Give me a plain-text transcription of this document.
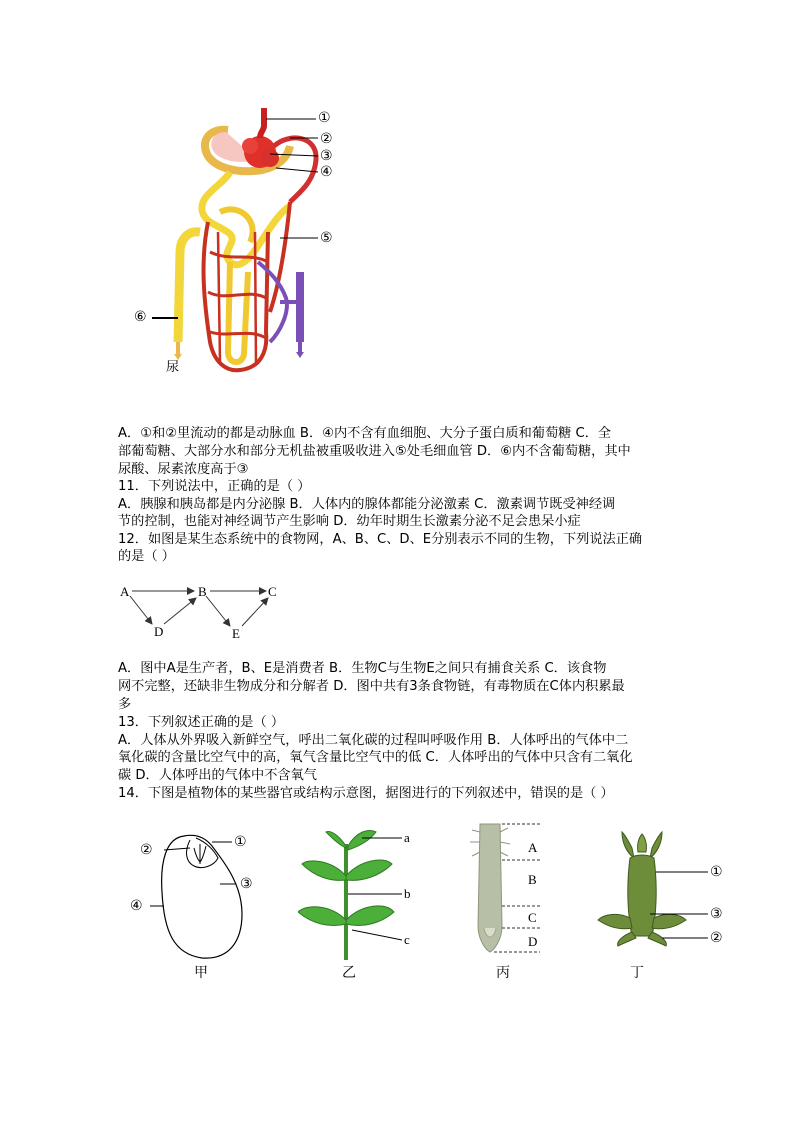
①
②
③
④
⑤
⑥
尿
A．①和②里流动的都是动脉血 B．④内不含有血细胞、大分子蛋白质和葡萄糖 C．全
部葡萄糖、大部分水和部分无机盐被重吸收进入⑤处毛细血管 D．⑥内不含葡萄糖，其中
尿酸、尿素浓度高于③
11．下列说法中，正确的是（ ）
A．胰腺和胰岛都是内分泌腺 B．人体内的腺体都能分泌激素 C．激素调节既受神经调
节的控制，也能对神经调节产生影响 D．幼年时期生长激素分泌不足会患呆小症
12．如图是某生态系统中的食物网，A、B、C、D、E分别表示不同的生物，下列说法正确
的是（ ）
A	B	C
D	E
A．图中A是生产者，B、E是消费者 B．生物C与生物E之间只有捕食关系 C．该食物
网不完整，还缺非生物成分和分解者 D．图中共有3条食物链，有毒物质在C体内积累最
多
13．下列叙述正确的是（ ）
A．人体从外界吸入新鲜空气，呼出二氧化碳的过程叫呼吸作用 B．人体呼出的气体中二
氧化碳的含量比空气中的高，氧气含量比空气中的低 C．人体呼出的气体中只含有二氧化
碳 D．人体呼出的气体中不含氧气
14．下图是植物体的某些器官或结构示意图，据图进行的下列叙述中，错误的是（ ）
②	①
③
④
甲
a
b
c
乙
A
B
C
D
丙
①
③
②
丁
